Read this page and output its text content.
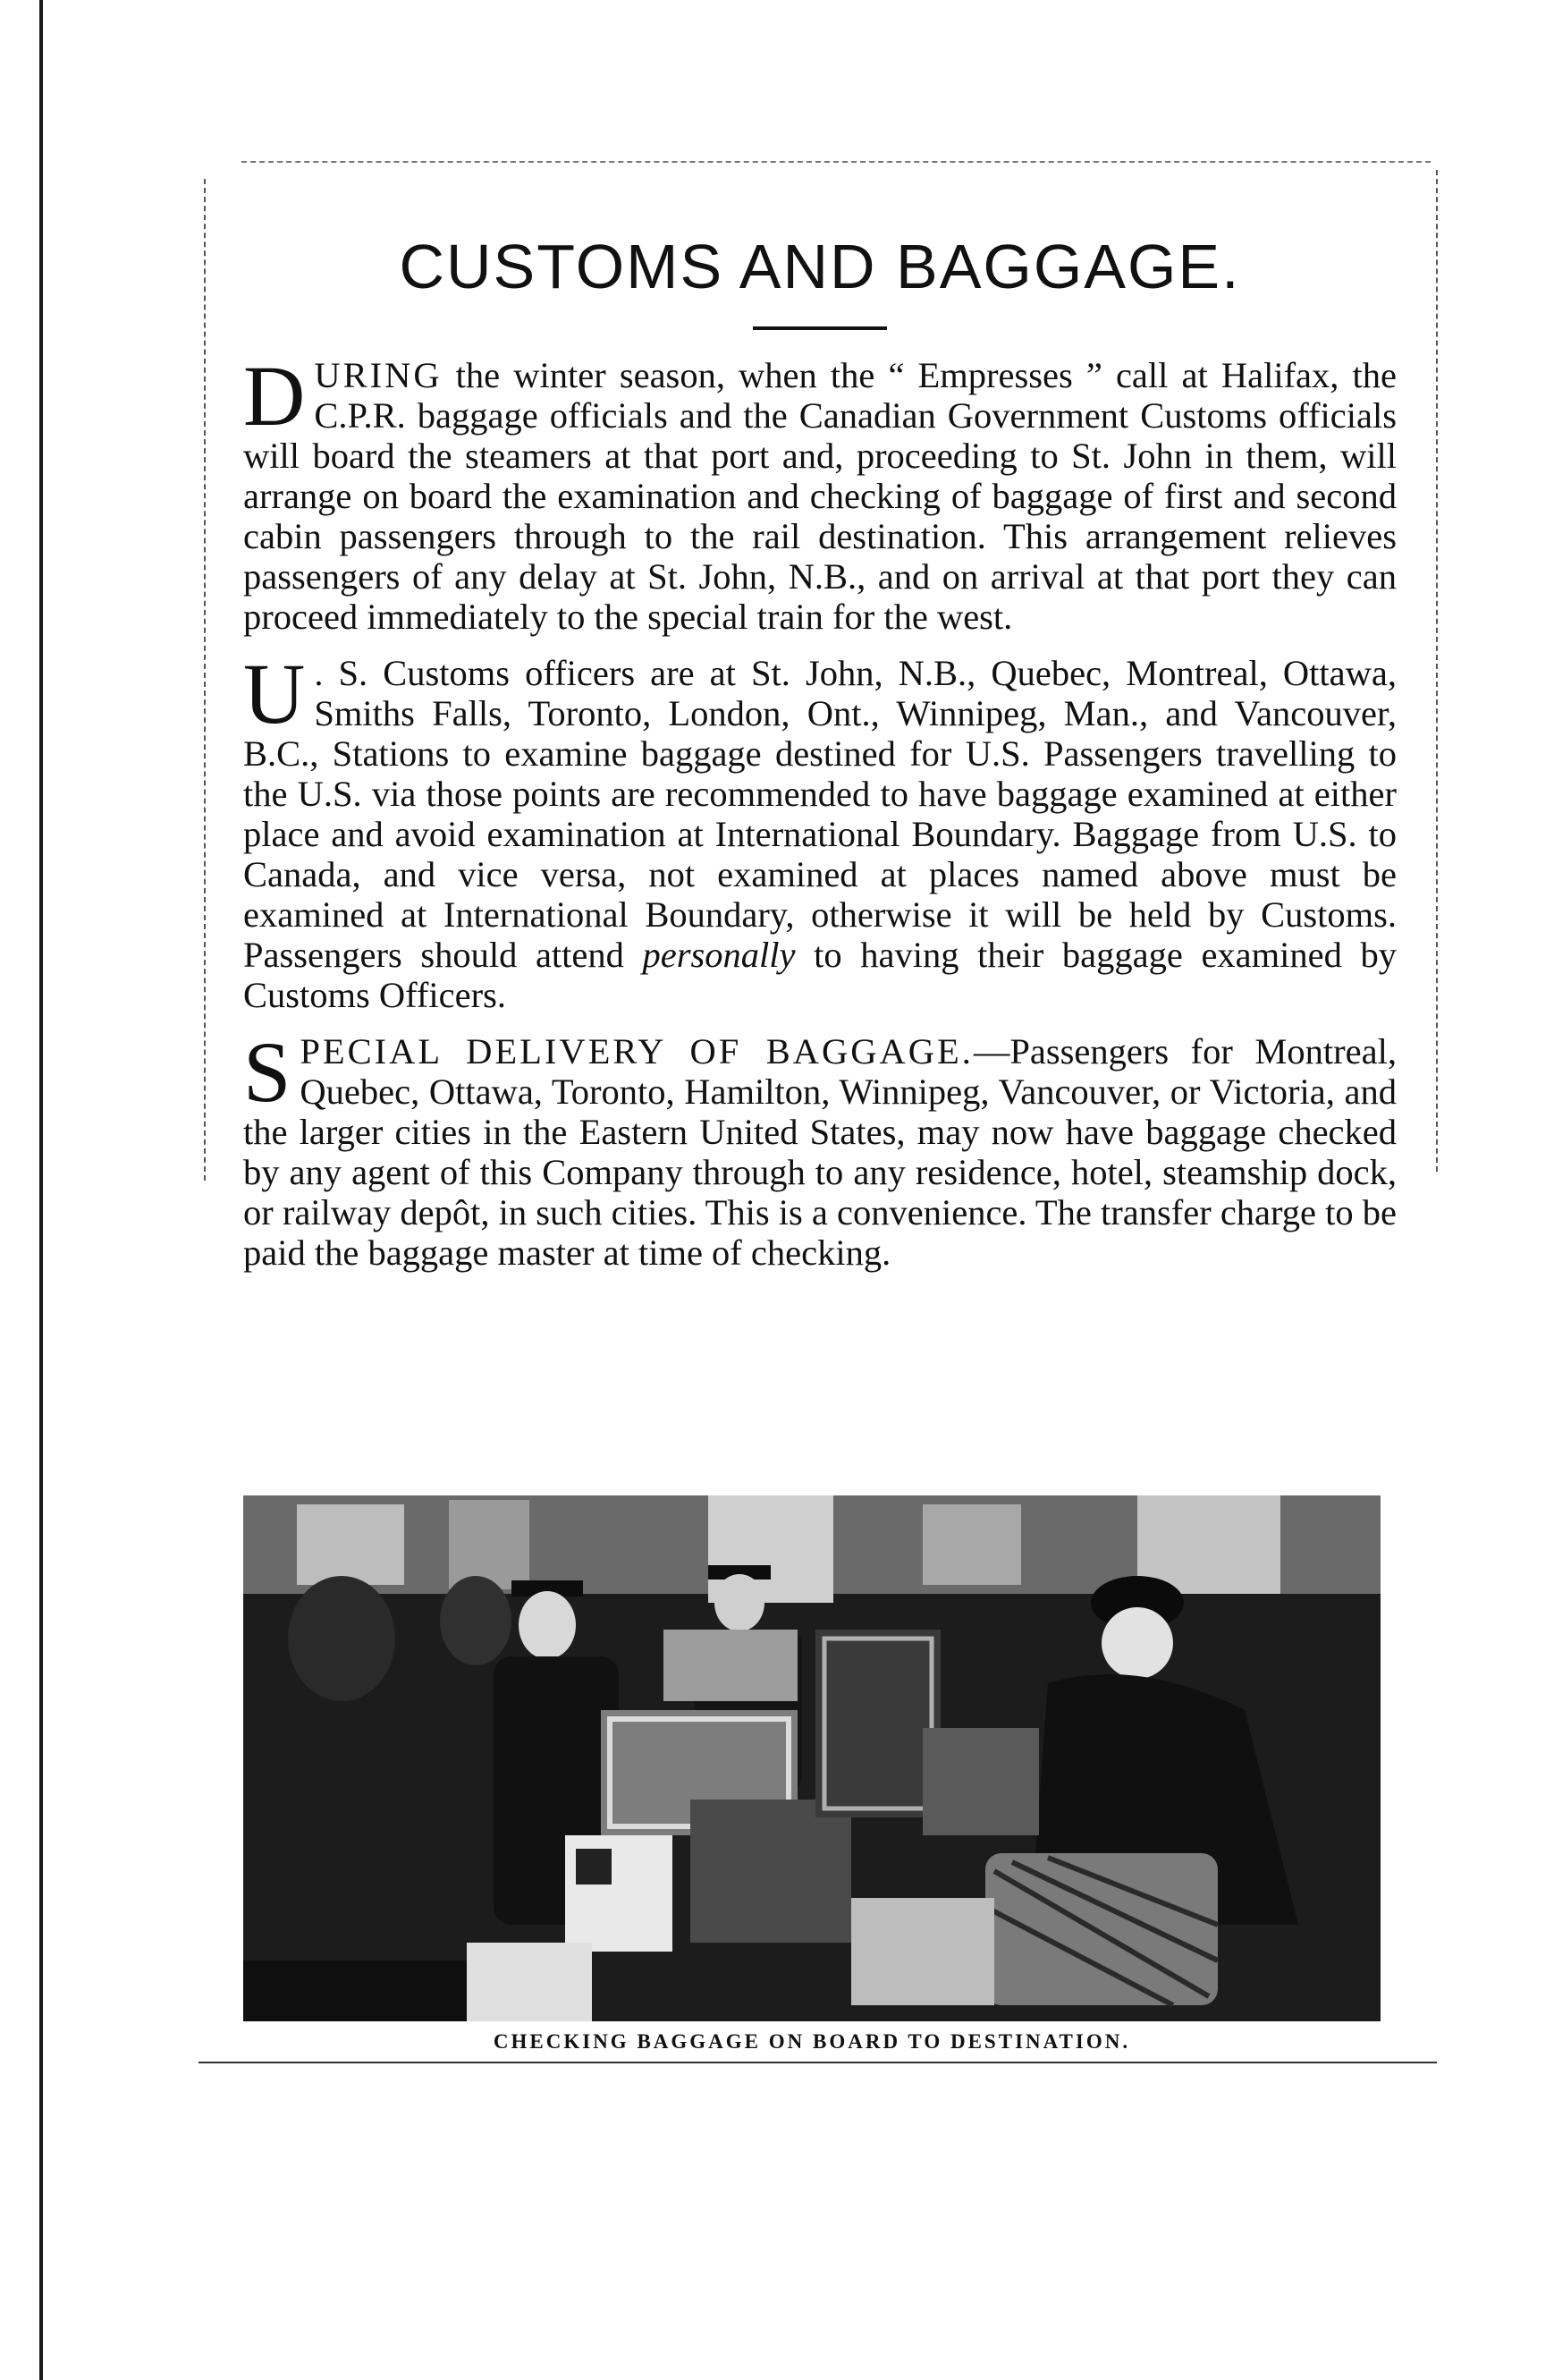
CUSTOMS AND BAGGAGE.

DURING the winter season, when the “ Empresses ” call at Halifax, the C.P.R. baggage officials and the Canadian Government Customs officials will board the steamers at that port and, proceeding to St. John in them, will arrange on board the examination and checking of baggage of first and second cabin passengers through to the rail destination. This arrangement relieves passengers of any delay at St. John, N.B., and on arrival at that port they can proceed immediately to the special train for the west.

U . S. Customs officers are at St. John, N.B., Quebec, Montreal, Ottawa, Smiths Falls, Toronto, London, Ont., Winnipeg, Man., and Vancouver, B.C., Stations to examine baggage destined for U.S. Passengers travelling to the U.S. via those points are recommended to have baggage examined at either place and avoid examination at International Boundary. Baggage from U.S. to Canada, and vice versa, not examined at places named above must be examined at International Boundary, otherwise it will be held by Customs. Passengers should attend personally to having their baggage examined by Customs Officers.

SPECIAL DELIVERY OF BAGGAGE.—Passengers for Montreal, Quebec, Ottawa, Toronto, Hamilton, Winnipeg, Vancouver, or Victoria, and the larger cities in the Eastern United States, may now have baggage checked by any agent of this Company through to any residence, hotel, steamship dock, or railway depôt, in such cities. This is a convenience. The transfer charge to be paid the baggage master at time of checking.

CHECKING BAGGAGE ON BOARD TO DESTINATION.
